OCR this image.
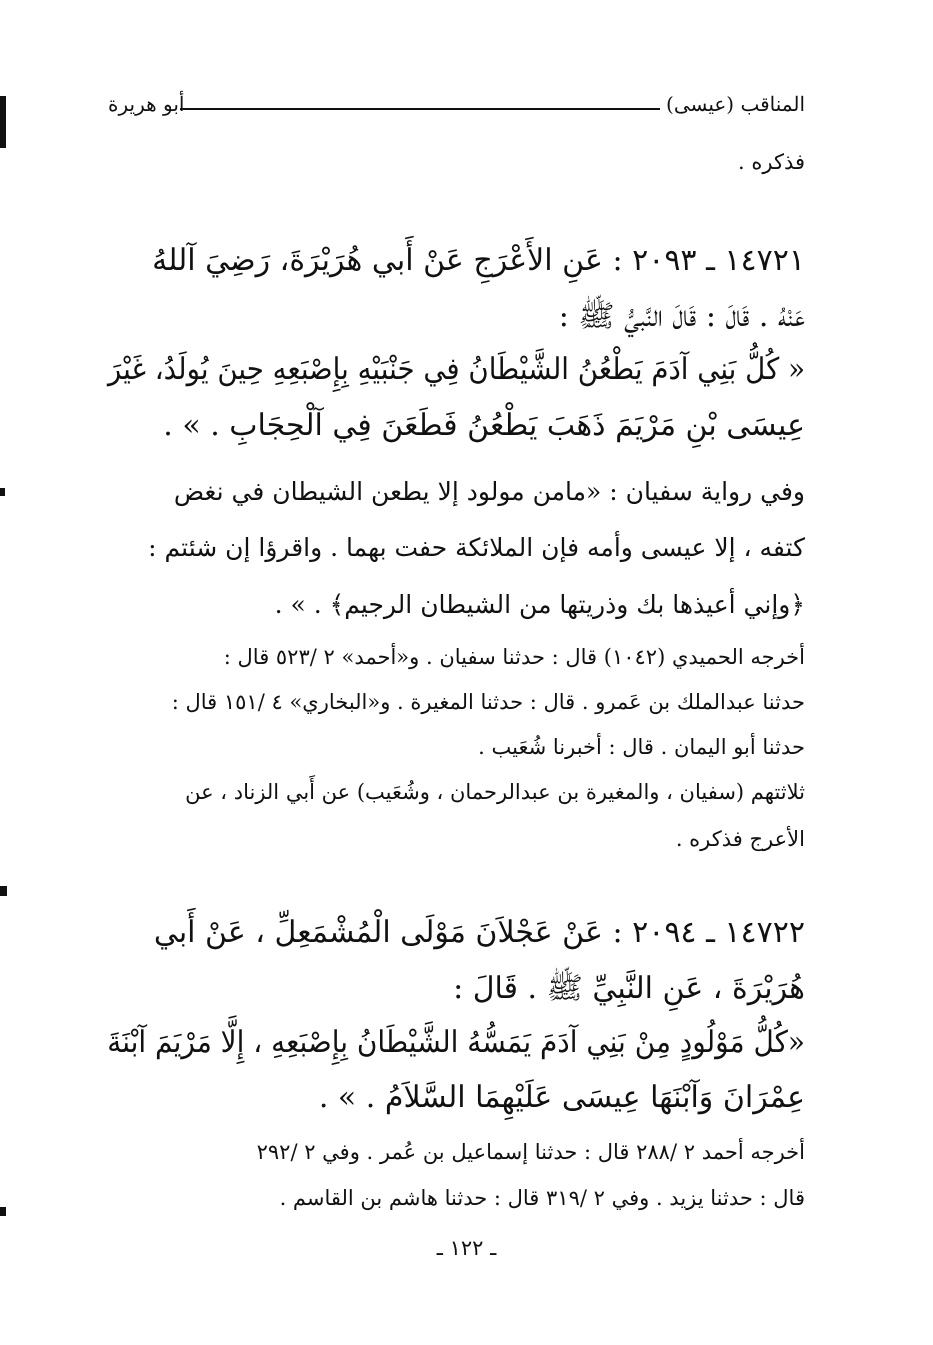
المناقب (عيسى)
أبو هريرة
فذكره .
١٤٧٢١ ـ ٢٠٩٣ : عَنِ الأَعْرَجِ عَنْ أَبي هُرَيْرَةَ، رَضِيَ آللهُ
عَنْهُ . قَالَ : قَالَ النَّبيُّ ﷺ :
« كُلُّ بَنِي آدَمَ يَطْعُنُ الشَّيْطَانُ فِي جَنْبَيْهِ بِإِصْبَعِهِ حِينَ يُولَدُ، غَيْرَ
عِيسَى بْنِ مَرْيَمَ ذَهَبَ يَطْعُنُ فَطَعَنَ فِي آلْحِجَابِ . » .
وفي رواية سفيان : «مامن مولود إلا يطعن الشيطان في نغض
كتفه ، إلا عيسى وأمه فإن الملائكة حفت بهما . واقرؤا إن شئتم :
﴿وإني أعيذها بك وذريتها من الشيطان الرجيم﴾ . » .
أخرجه الحميدي (١٠٤٢) قال : حدثنا سفيان . و«أحمد» ٢ /٥٢٣ قال :
حدثنا عبدالملك بن عَمرو . قال : حدثنا المغيرة . و«البخاري» ٤ /١٥١ قال :
حدثنا أبو اليمان . قال : أخبرنا شُعَيب .
ثلاثتهم (سفيان ، والمغيرة بن عبدالرحمان ، وشُعَيب) عن أَبي الزناد ، عن
الأعرج فذكره .
١٤٧٢٢ ـ ٢٠٩٤ : عَنْ عَجْلاَنَ مَوْلَى الْمُشْمَعِلِّ ، عَنْ أَبي
هُرَيْرَةَ ، عَنِ النَّبِيِّ ﷺ . قَالَ :
«كُلُّ مَوْلُودٍ مِنْ بَنِي آدَمَ يَمَسُّهُ الشَّيْطَانُ بِإِصْبَعِهِ ، إِلَّا مَرْيَمَ آبْنَةَ
عِمْرَانَ وَآبْنَهَا عِيسَى عَلَيْهِمَا السَّلاَمُ . » .
أخرجه أحمد ٢ /٢٨٨ قال : حدثنا إسماعيل بن عُمر . وفي ٢ /٢٩٢
قال : حدثنا يزيد . وفي ٢ /٣١٩ قال : حدثنا هاشم بن القاسم .
ـ ١٢٢ ـ
